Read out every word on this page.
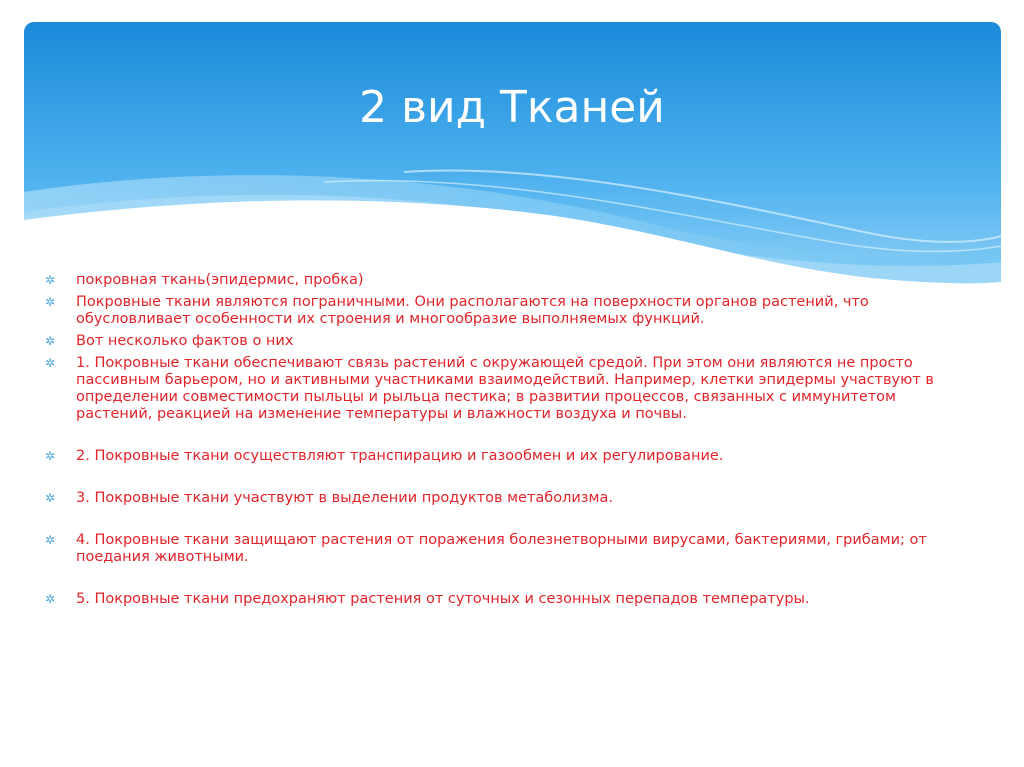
2 вид Тканей
✲ покровная ткань(эпидермис, пробка)
✲ Покровные ткани являются пограничными. Они располагаются на поверхности органов растений, что обусловливает особенности их строения и многообразие выполняемых функций.
✲ Вот несколько фактов о них
✲ 1. Покровные ткани обеспечивают связь растений с окружающей средой. При этом они являются не просто пассивным барьером, но и активными участниками взаимодействий. Например, клетки эпидермы участвуют в определении совместимости пыльцы и рыльца пестика; в развитии процессов, связанных с иммунитетом растений, реакцией на изменение температуры и влажности воздуха и почвы.
✲ 2. Покровные ткани осуществляют транспирацию и газообмен и их регулирование.
✲ 3. Покровные ткани участвуют в выделении продуктов метаболизма.
✲ 4. Покровные ткани защищают растения от поражения болезнетворными вирусами, бактериями, грибами; от поедания животными.
✲ 5. Покровные ткани предохраняют растения от суточных и сезонных перепадов температуры.
